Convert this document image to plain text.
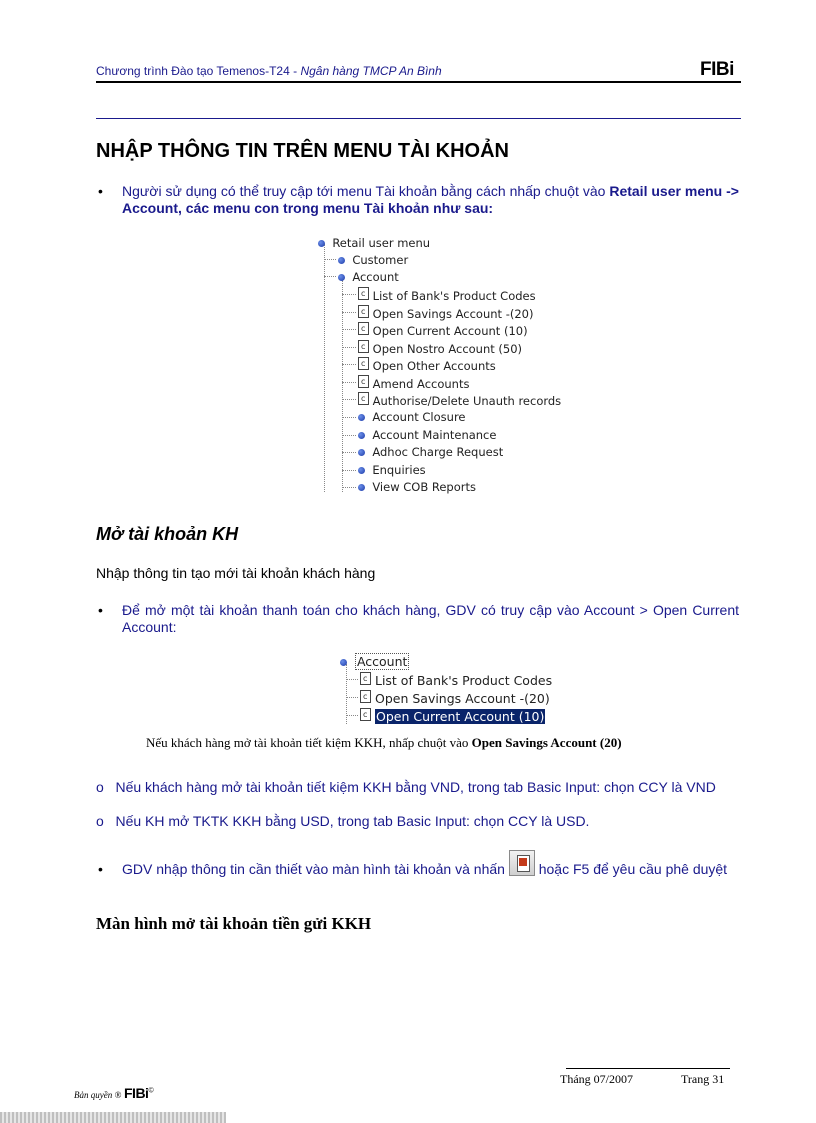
Chương trình Đào tạo Temenos-T24 - Ngân hàng TMCP An Bình	FIBi
NHẬP THÔNG TIN TRÊN MENU TÀI KHOẢN
• Người sử dụng có thể truy cập tới menu Tài khoản bằng cách nhấp chuột vào Retail user menu -> Account, các menu con trong menu Tài khoản như sau:
Retail user menu
Customer
Account
c List of Bank's Product Codes
c Open Savings Account -(20)
c Open Current Account (10)
c Open Nostro Account (50)
c Open Other Accounts
c Amend Accounts
c Authorise/Delete Unauth records
Account Closure
Account Maintenance
Adhoc Charge Request
Enquiries
View COB Reports
Mở tài khoản KH
Nhập thông tin tạo mới tài khoản khách hàng
• Để mở một tài khoản thanh toán cho khách hàng, GDV có truy cập vào Account > Open Current Account:
Account
c List of Bank's Product Codes
c Open Savings Account -(20)
c Open Current Account (10)
Nếu khách hàng mở tài khoản tiết kiệm KKH, nhấp chuột vào Open Savings Account (20)
o Nếu khách hàng mở tài khoản tiết kiệm KKH bằng VND, trong tab Basic Input: chọn CCY là VND
o Nếu KH mở TKTK KKH bằng USD, trong tab Basic Input: chọn CCY là USD.
• GDV nhập thông tin cần thiết vào màn hình tài khoản và nhấn hoặc F5 để yêu cầu phê duyệt
Màn hình mở tài khoản tiền gửi KKH
Tháng 07/2007	Trang 31
Bản quyền ® FIBi©
